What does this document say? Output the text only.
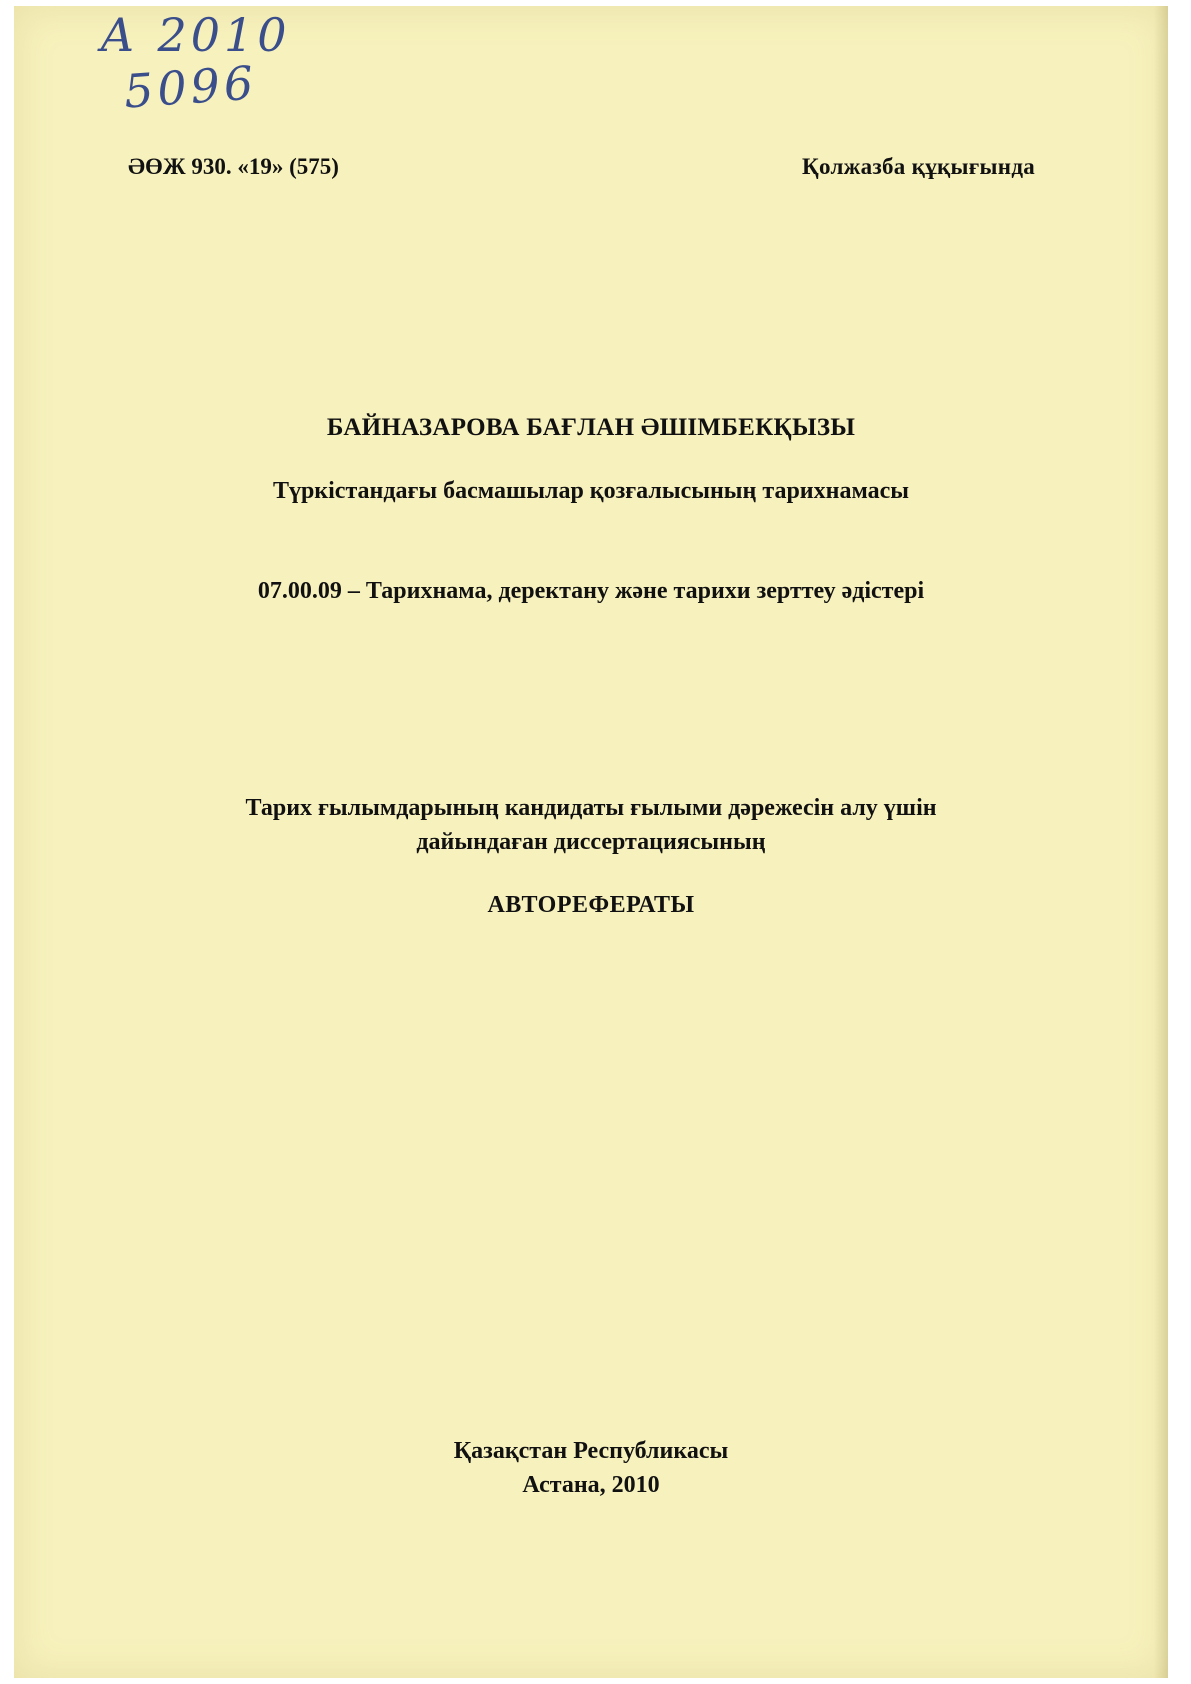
А 2010
5096
ӘӨЖ 930. «19» (575)	Қолжазба құқығында
БАЙНАЗАРОВА БАҒЛАН ӘШІМБЕКҚЫЗЫ
Түркістандағы басмашылар қозғалысының тарихнамасы
07.00.09 – Тарихнама, деректану және тарихи зерттеу әдістері
Тарих ғылымдарының кандидаты ғылыми дәрежесін алу үшін
дайындаған диссертациясының
АВТОРЕФЕРАТЫ
Қазақстан Республикасы
Астана, 2010
